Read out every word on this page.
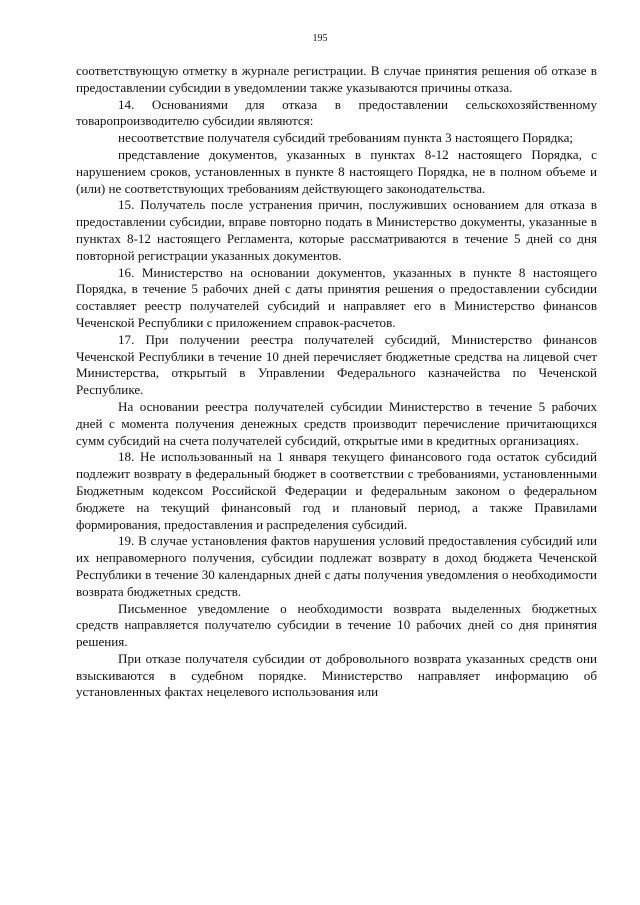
195

соответствующую отметку в журнале регистрации. В случае принятия решения об отказе в предоставлении субсидии в уведомлении также указываются причины отказа.

14. Основаниями для отказа в предоставлении сельскохозяйственному товаропроизводителю субсидии являются:

несоответствие получателя субсидий требованиям пункта 3 настоящего Порядка;

представление документов, указанных в пунктах 8-12 настоящего Порядка, с нарушением сроков, установленных в пункте 8 настоящего Порядка, не в полном объеме и (или) не соответствующих требованиям действующего законодательства.

15. Получатель после устранения причин, послуживших основанием для отказа в предоставлении субсидии, вправе повторно подать в Министерство документы, указанные в пунктах 8-12 настоящего Регламента, которые рассматриваются в течение 5 дней со дня повторной регистрации указанных документов.

16. Министерство на основании документов, указанных в пункте 8 настоящего Порядка, в течение 5 рабочих дней с даты принятия решения о предоставлении субсидии составляет реестр получателей субсидий и направляет его в Министерство финансов Чеченской Республики с приложением справок-расчетов.

17. При получении реестра получателей субсидий, Министерство финансов Чеченской Республики в течение 10 дней перечисляет бюджетные средства на лицевой счет Министерства, открытый в Управлении Федерального казначейства по Чеченской Республике.

На основании реестра получателей субсидии Министерство в течение 5 рабочих дней с момента получения денежных средств производит перечисление причитающихся сумм субсидий на счета получателей субсидий, открытые ими в кредитных организациях.

18. Не использованный на 1 января текущего финансового года остаток субсидий подлежит возврату в федеральный бюджет в соответствии с требованиями, установленными Бюджетным кодексом Российской Федерации и федеральным законом о федеральном бюджете на текущий финансовый год и плановый период, а также Правилами формирования, предоставления и распределения субсидий.

19. В случае установления фактов нарушения условий предоставления субсидий или их неправомерного получения, субсидии подлежат возврату в доход бюджета Чеченской Республики в течение 30 календарных дней с даты получения уведомления о необходимости возврата бюджетных средств.

Письменное уведомление о необходимости возврата выделенных бюджетных средств направляется получателю субсидии в течение 10 рабочих дней со дня принятия решения.

При отказе получателя субсидии от добровольного возврата указанных средств они взыскиваются в судебном порядке. Министерство направляет информацию об установленных фактах нецелевого использования или
